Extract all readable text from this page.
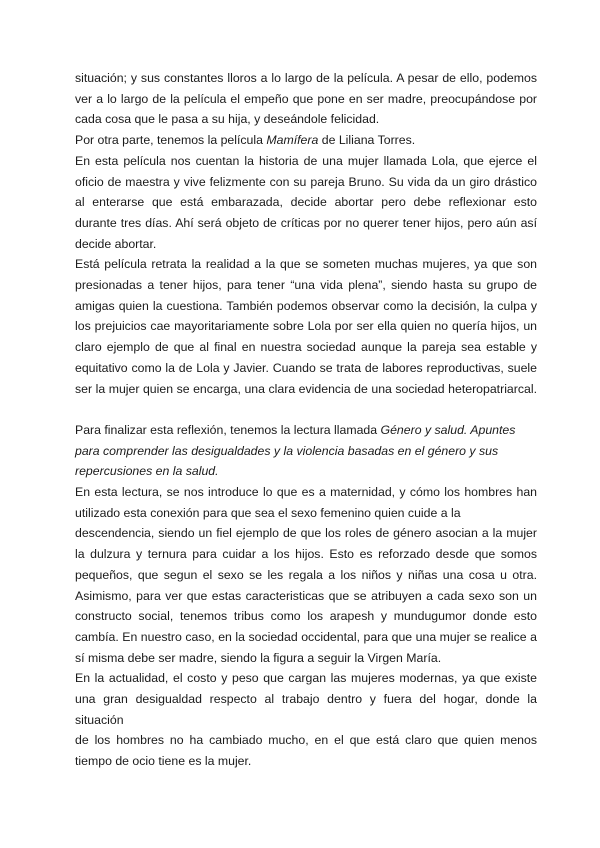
situación; y sus constantes lloros a lo largo de la película. A pesar de ello, podemos
ver a lo largo de la película el empeño que pone en ser madre, preocupándose por
cada cosa que le pasa a su hija, y deseándole felicidad.
Por otra parte, tenemos la película Mamífera de Liliana Torres.
En esta película nos cuentan la historia de una mujer llamada Lola, que ejerce el
oficio de maestra y vive felizmente con su pareja Bruno. Su vida da un giro drástico
al enterarse que está embarazada, decide abortar pero debe reflexionar esto
durante tres días. Ahí será objeto de críticas por no querer tener hijos, pero aún así
decide abortar.
Está película retrata la realidad a la que se someten muchas mujeres, ya que son
presionadas a tener hijos, para tener “una vida plena”, siendo hasta su grupo de
amigas quien la cuestiona. También podemos observar como la decisión, la culpa y
los prejuicios cae mayoritariamente sobre Lola por ser ella quien no quería hijos, un
claro ejemplo de que al final en nuestra sociedad aunque la pareja sea estable y
equitativo como la de Lola y Javier. Cuando se trata de labores reproductivas, suele
ser la mujer quien se encarga, una clara evidencia de una sociedad heteropatriarcal.
Para finalizar esta reflexión, tenemos la lectura llamada Género y salud. Apuntes
para comprender las desigualdades y la violencia basadas en el género y sus
repercusiones en la salud.
En esta lectura, se nos introduce lo que es a maternidad, y cómo los hombres han
utilizado esta conexión para que sea el sexo femenino quien cuide a la
descendencia, siendo un fiel ejemplo de que los roles de género asocian a la mujer
la dulzura y ternura para cuidar a los hijos. Esto es reforzado desde que somos
pequeños, que segun el sexo se les regala a los niños y niñas una cosa u otra.
Asimismo, para ver que estas caracteristicas que se atribuyen a cada sexo son un
constructo social, tenemos tribus como los arapesh y mundugumor donde esto
cambía. En nuestro caso, en la sociedad occidental, para que una mujer se realice a
sí misma debe ser madre, siendo la figura a seguir la Virgen María.
En la actualidad, el costo y peso que cargan las mujeres modernas, ya que existe
una gran desigualdad respecto al trabajo dentro y fuera del hogar, donde la situación
de los hombres no ha cambiado mucho, en el que está claro que quien menos
tiempo de ocio tiene es la mujer.
